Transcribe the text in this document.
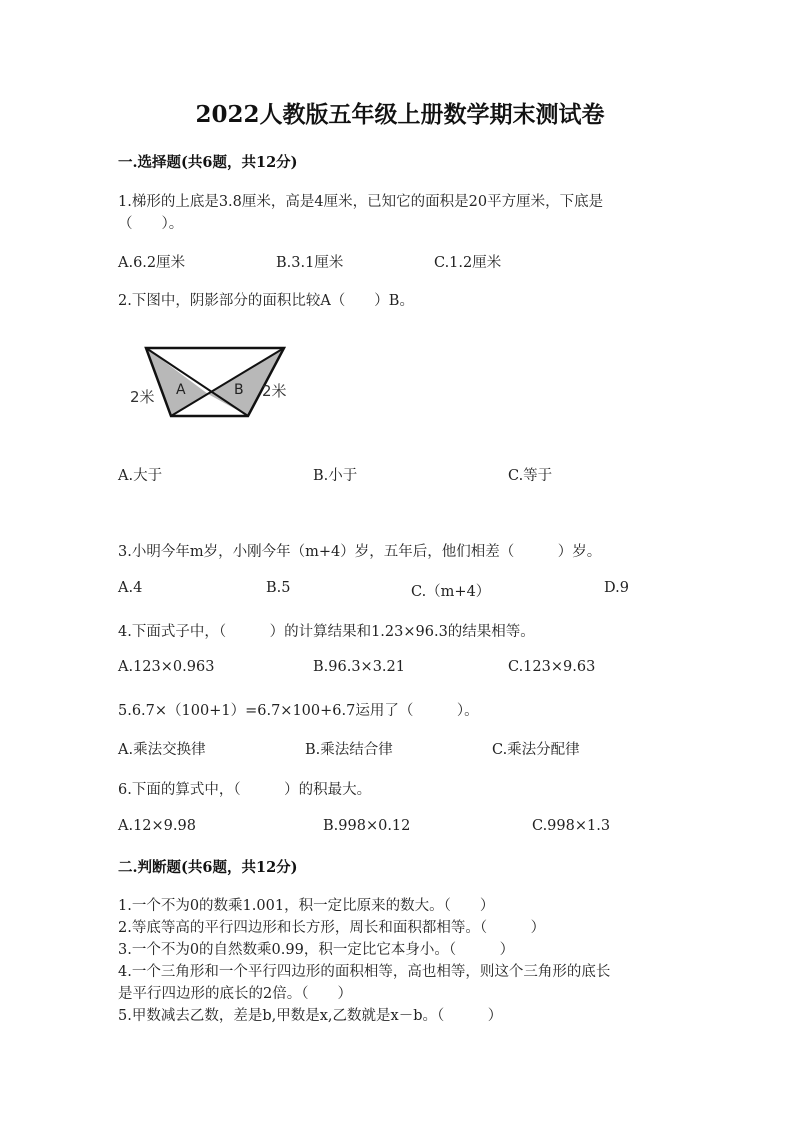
2022人教版五年级上册数学期末测试卷
一.选择题(共6题，共12分)
1.梯形的上底是3.8厘米，高是4厘米，已知它的面积是20平方厘米，下底是
（　　）。
A.6.2厘米	B.3.1厘米	C.1.2厘米
2.下图中，阴影部分的面积比较A（　　）B。
2米	2米
A	B
A.大于	B.小于	C.等于
3.小明今年m岁，小刚今年（m+4）岁，五年后，他们相差（　　　）岁。
A.4	B.5	C.（m+4）	D.9
4.下面式子中，（　　　）的计算结果和1.23×96.3的结果相等。
A.123×0.963	B.96.3×3.21	C.123×9.63
5.6.7×（100+1）=6.7×100+6.7运用了（　　　）。
A.乘法交换律	B.乘法结合律	C.乘法分配律
6.下面的算式中，（　　　）的积最大。
A.12×9.98	B.998×0.12	C.998×1.3
二.判断题(共6题，共12分)
1.一个不为0的数乘1.001，积一定比原来的数大。（　　）
2.等底等高的平行四边形和长方形，周长和面积都相等。（　　　）
3.一个不为0的自然数乘0.99，积一定比它本身小。（　　　）
4.一个三角形和一个平行四边形的面积相等，高也相等，则这个三角形的底长
是平行四边形的底长的2倍。（　　）
5.甲数减去乙数，差是b,甲数是x,乙数就是x－b。（　　　）
